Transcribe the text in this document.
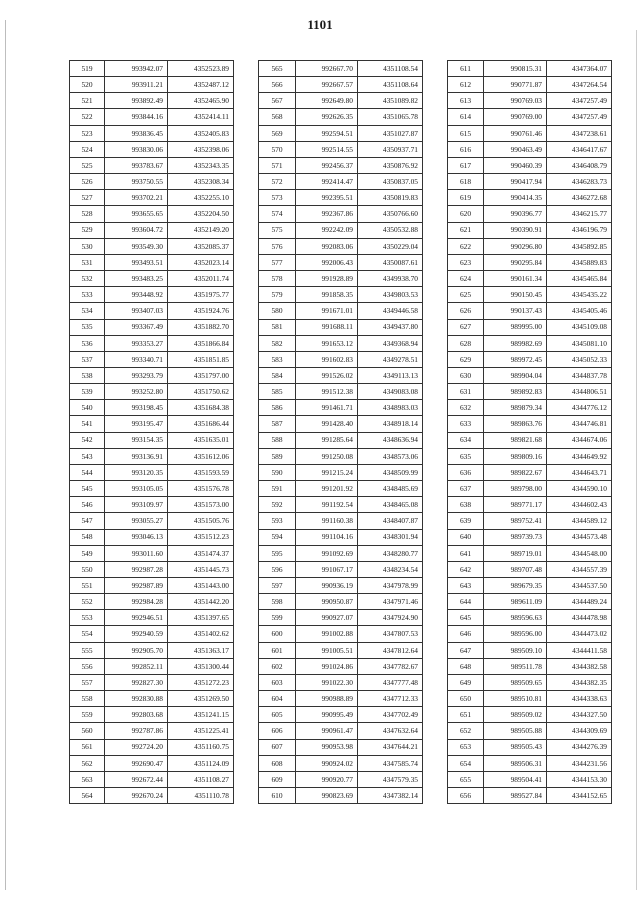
1101
519	993942.07	4352523.89
520	993911.21	4352487.12
521	993892.49	4352465.90
522	993844.16	4352414.11
523	993836.45	4352405.83
524	993830.06	4352398.06
525	993783.67	4352343.35
526	993750.55	4352308.34
527	993702.21	4352255.10
528	993655.65	4352204.50
529	993604.72	4352149.20
530	993549.30	4352085.37
531	993493.51	4352023.14
532	993483.25	4352011.74
533	993448.92	4351975.77
534	993407.03	4351924.76
535	993367.49	4351882.70
536	993353.27	4351866.84
537	993340.71	4351851.85
538	993293.79	4351797.00
539	993252.80	4351750.62
540	993198.45	4351684.38
541	993195.47	4351686.44
542	993154.35	4351635.01
543	993136.91	4351612.06
544	993120.35	4351593.59
545	993105.05	4351576.78
546	993109.97	4351573.00
547	993055.27	4351505.76
548	993046.13	4351512.23
549	993011.60	4351474.37
550	992987.28	4351445.73
551	992987.89	4351443.00
552	992984.28	4351442.20
553	992946.51	4351397.65
554	992940.59	4351402.62
555	992905.70	4351363.17
556	992852.11	4351300.44
557	992827.30	4351272.23
558	992830.88	4351269.50
559	992803.68	4351241.15
560	992787.86	4351225.41
561	992724.20	4351160.75
562	992690.47	4351124.09
563	992672.44	4351108.27
564	992670.24	4351110.78
565	992667.70	4351108.54
566	992667.57	4351108.64
567	992649.80	4351089.82
568	992626.35	4351065.78
569	992594.51	4351027.87
570	992514.55	4350937.71
571	992456.37	4350876.92
572	992414.47	4350837.05
573	992395.51	4350819.83
574	992367.86	4350766.60
575	992242.09	4350532.88
576	992083.06	4350229.04
577	992006.43	4350087.61
578	991928.89	4349938.70
579	991858.35	4349803.53
580	991671.01	4349446.58
581	991688.11	4349437.80
582	991653.12	4349368.94
583	991602.83	4349278.51
584	991526.02	4349113.13
585	991512.38	4349083.08
586	991461.71	4348983.03
587	991428.40	4348918.14
588	991285.64	4348636.94
589	991250.08	4348573.06
590	991215.24	4348509.99
591	991201.92	4348485.69
592	991192.54	4348465.08
593	991160.38	4348407.87
594	991104.16	4348301.94
595	991092.69	4348280.77
596	991067.17	4348234.54
597	990936.19	4347978.99
598	990950.87	4347971.46
599	990927.07	4347924.90
600	991002.88	4347807.53
601	991005.51	4347812.64
602	991024.86	4347782.67
603	991022.30	4347777.48
604	990988.89	4347712.33
605	990995.49	4347702.49
606	990961.47	4347632.64
607	990953.98	4347644.21
608	990924.02	4347585.74
609	990920.77	4347579.35
610	990823.69	4347382.14
611	990815.31	4347364.07
612	990771.87	4347264.54
613	990769.03	4347257.49
614	990769.00	4347257.49
615	990761.46	4347238.61
616	990463.49	4346417.67
617	990460.39	4346408.79
618	990417.94	4346283.73
619	990414.35	4346272.68
620	990396.77	4346215.77
621	990390.91	4346196.79
622	990296.80	4345892.85
623	990295.84	4345889.83
624	990161.34	4345465.84
625	990150.45	4345435.22
626	990137.43	4345405.46
627	989995.00	4345109.08
628	989982.69	4345081.10
629	989972.45	4345052.33
630	989904.04	4344837.78
631	989892.83	4344806.51
632	989879.34	4344776.12
633	989863.76	4344746.81
634	989821.68	4344674.06
635	989809.16	4344649.92
636	989822.67	4344643.71
637	989798.00	4344590.10
638	989771.17	4344602.43
639	989752.41	4344589.12
640	989739.73	4344573.48
641	989719.01	4344548.00
642	989707.48	4344557.39
643	989679.35	4344537.50
644	989611.09	4344489.24
645	989596.63	4344478.98
646	989596.00	4344473.02
647	989509.10	4344411.58
648	989511.78	4344382.58
649	989509.65	4344382.35
650	989510.81	4344338.63
651	989509.02	4344327.50
652	989505.88	4344309.69
653	989505.43	4344276.39
654	989506.31	4344231.56
655	989504.41	4344153.30
656	989527.84	4344152.65
